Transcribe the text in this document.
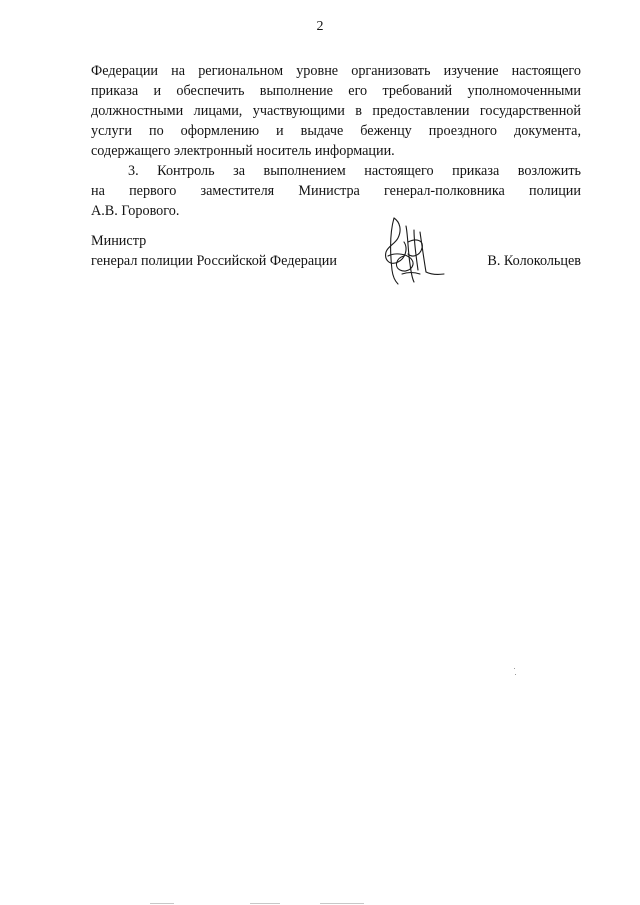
2

Федерации на региональном уровне организовать изучение настоящего
приказа и обеспечить выполнение его требований уполномоченными
должностными лицами, участвующими в предоставлении государственной
услуги по оформлению и выдаче беженцу проездного документа,
содержащего электронный носитель информации.

3. Контроль за выполнением настоящего приказа возложить
на первого заместителя Министра генерал-полковника полиции
А.В. Горового.

Министр
генерал полиции Российской Федерации	В. Колокольцев
